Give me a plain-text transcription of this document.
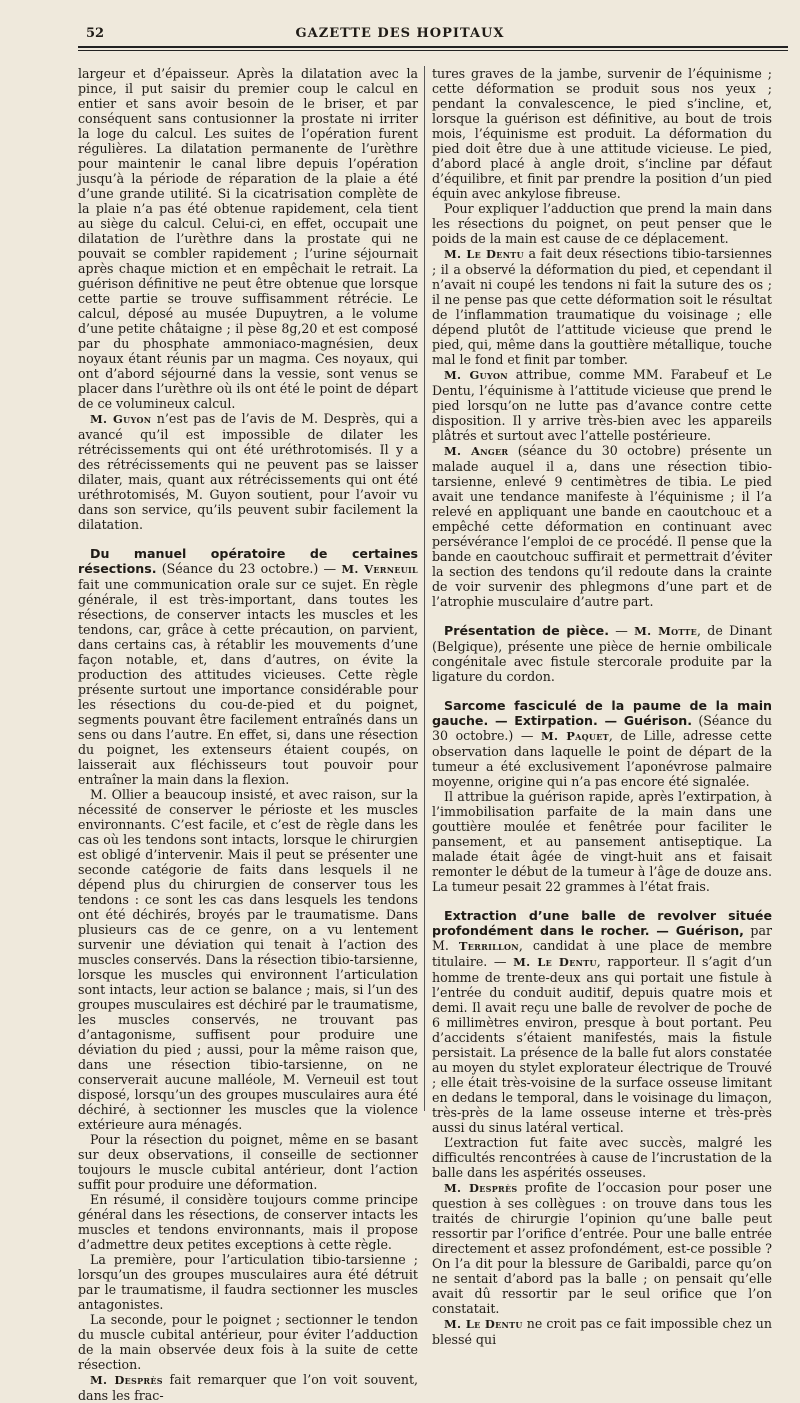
52	GAZETTE DES HOPITAUX

largeur et d’épaisseur. Après la dilatation avec la pince, il put saisir du premier coup le calcul en entier et sans avoir besoin de le briser, et par conséquent sans contusionner la prostate ni irriter la loge du calcul. Les suites de l’opération furent régulières. La dilatation permanente de l’urèthre pour maintenir le canal libre depuis l’opération jusqu’à la période de réparation de la plaie a été d’une grande utilité. Si la cicatrisation complète de la plaie n’a pas été obtenue rapidement, cela tient au siège du calcul. Celui-ci, en effet, occupait une dilatation de l’urèthre dans la prostate qui ne pouvait se combler rapidement ; l’urine séjournait après chaque miction et en empêchait le retrait. La guérison définitive ne peut être obtenue que lorsque cette partie se trouve suffisamment rétrécie. Le calcul, déposé au musée Dupuytren, a le volume d’une petite châtaigne ; il pèse 8g,20 et est composé par du phosphate ammoniaco-magnésien, deux noyaux étant réunis par un magma. Ces noyaux, qui ont d’abord séjourné dans la vessie, sont venus se placer dans l’urèthre où ils ont été le point de départ de ce volumineux calcul.

M. Guyon n’est pas de l’avis de M. Desprès, qui a avancé qu’il est impossible de dilater les rétrécissements qui ont été uréthrotomisés. Il y a des rétrécissements qui ne peuvent pas se laisser dilater, mais, quant aux rétrécissements qui ont été uréthrotomisés, M. Guyon soutient, pour l’avoir vu dans son service, qu’ils peuvent subir facilement la dilatation.

Du manuel opératoire de certaines résections. (Séance du 23 octobre.) — M. Verneuil fait une communication orale sur ce sujet. En règle générale, il est très-important, dans toutes les résections, de conserver intacts les muscles et les tendons, car, grâce à cette précaution, on parvient, dans certains cas, à rétablir les mouvements d’une façon notable, et, dans d’autres, on évite la production des attitudes vicieuses. Cette règle présente surtout une importance considérable pour les résections du cou-de-pied et du poignet, segments pouvant être facilement entraînés dans un sens ou dans l’autre. En effet, si, dans une résection du poignet, les extenseurs étaient coupés, on laisserait aux fléchisseurs tout pouvoir pour entraîner la main dans la flexion.

M. Ollier a beaucoup insisté, et avec raison, sur la nécessité de conserver le périoste et les muscles environnants. C’est facile, et c’est de règle dans les cas où les tendons sont intacts, lorsque le chirurgien est obligé d’intervenir. Mais il peut se présenter une seconde catégorie de faits dans lesquels il ne dépend plus du chirurgien de conserver tous les tendons : ce sont les cas dans lesquels les tendons ont été déchirés, broyés par le traumatisme. Dans plusieurs cas de ce genre, on a vu lentement survenir une déviation qui tenait à l’action des muscles conservés. Dans la résection tibio-tarsienne, lorsque les muscles qui environnent l’articulation sont intacts, leur action se balance ; mais, si l’un des groupes musculaires est déchiré par le traumatisme, les muscles conservés, ne trouvant pas d’antagonisme, suffisent pour produire une déviation du pied ; aussi, pour la même raison que, dans une résection tibio-tarsienne, on ne conserverait aucune malléole, M. Verneuil est tout disposé, lorsqu’un des groupes musculaires aura été déchiré, à sectionner les muscles que la violence extérieure aura ménagés.

Pour la résection du poignet, même en se basant sur deux observations, il conseille de sectionner toujours le muscle cubital antérieur, dont l’action suffit pour produire une déformation.

En résumé, il considère toujours comme principe général dans les résections, de conserver intacts les muscles et tendons environnants, mais il propose d’admettre deux petites exceptions à cette règle.

La première, pour l’articulation tibio-tarsienne ; lorsqu’un des groupes musculaires aura été détruit par le traumatisme, il faudra sectionner les muscles antagonistes.

La seconde, pour le poignet ; sectionner le tendon du muscle cubital antérieur, pour éviter l’adduction de la main observée deux fois à la suite de cette résection.

M. Desprès fait remarquer que l’on voit souvent, dans les frac-

tures graves de la jambe, survenir de l’équinisme ; cette déformation se produit sous nos yeux ; pendant la convalescence, le pied s’incline, et, lorsque la guérison est définitive, au bout de trois mois, l’équinisme est produit. La déformation du pied doit être due à une attitude vicieuse. Le pied, d’abord placé à angle droit, s’incline par défaut d’équilibre, et finit par prendre la position d’un pied équin avec ankylose fibreuse.

Pour expliquer l’adduction que prend la main dans les résections du poignet, on peut penser que le poids de la main est cause de ce déplacement.

M. Le Dentu a fait deux résections tibio-tarsiennes ; il a observé la déformation du pied, et cependant il n’avait ni coupé les tendons ni fait la suture des os ; il ne pense pas que cette déformation soit le résultat de l’inflammation traumatique du voisinage ; elle dépend plutôt de l’attitude vicieuse que prend le pied, qui, même dans la gouttière métallique, touche mal le fond et finit par tomber.

M. Guyon attribue, comme MM. Farabeuf et Le Dentu, l’équinisme à l’attitude vicieuse que prend le pied lorsqu’on ne lutte pas d’avance contre cette disposition. Il y arrive très-bien avec les appareils plâtrés et surtout avec l’attelle postérieure.

M. Anger (séance du 30 octobre) présente un malade auquel il a, dans une résection tibio-tarsienne, enlevé 9 centimètres de tibia. Le pied avait une tendance manifeste à l’équinisme ; il l’a relevé en appliquant une bande en caoutchouc et a empêché cette déformation en continuant avec persévérance l’emploi de ce procédé. Il pense que la bande en caoutchouc suffirait et permettrait d’éviter la section des tendons qu’il redoute dans la crainte de voir survenir des phlegmons d’une part et de l’atrophie musculaire d’autre part.

Présentation de pièce. — M. Motte, de Dinant (Belgique), présente une pièce de hernie ombilicale congénitale avec fistule stercorale produite par la ligature du cordon.
Sarcome fasciculé de la paume de la main gauche. — Extirpation. — Guérison. (Séance du 30 octobre.) — M. Paquet, de Lille, adresse cette observation dans laquelle le point de départ de la tumeur a été exclusivement l’aponévrose palmaire moyenne, origine qui n’a pas encore été signalée.

Il attribue la guérison rapide, après l’extirpation, à l’immobilisation parfaite de la main dans une gouttière moulée et fenêtrée pour faciliter le pansement, et au pansement antiseptique. La malade était âgée de vingt-huit ans et faisait remonter le début de la tumeur à l’âge de douze ans. La tumeur pesait 22 grammes à l’état frais.

Extraction d’une balle de revolver située profondément dans le rocher. — Guérison, par M. Terrillon, candidat à une place de membre titulaire. — M. Le Dentu, rapporteur. Il s’agit d’un homme de trente-deux ans qui portait une fistule à l’entrée du conduit auditif, depuis quatre mois et demi. Il avait reçu une balle de revolver de poche de 6 millimètres environ, presque à bout portant. Peu d’accidents s’étaient manifestés, mais la fistule persistait. La présence de la balle fut alors constatée au moyen du stylet explorateur électrique de Trouvé ; elle était très-voisine de la surface osseuse limitant en dedans le temporal, dans le voisinage du limaçon, très-près de la lame osseuse interne et très-près aussi du sinus latéral vertical.

L’extraction fut faite avec succès, malgré les difficultés rencontrées à cause de l’incrustation de la balle dans les aspérités osseuses.

M. Desprès profite de l’occasion pour poser une question à ses collègues : on trouve dans tous les traités de chirurgie l’opinion qu’une balle peut ressortir par l’orifice d’entrée. Pour une balle entrée directement et assez profondément, est-ce possible ? On l’a dit pour la blessure de Garibaldi, parce qu’on ne sentait d’abord pas la balle ; on pensait qu’elle avait dû ressortir par le seul orifice que l’on constatait.

M. Le Dentu ne croit pas ce fait impossible chez un blessé qui
